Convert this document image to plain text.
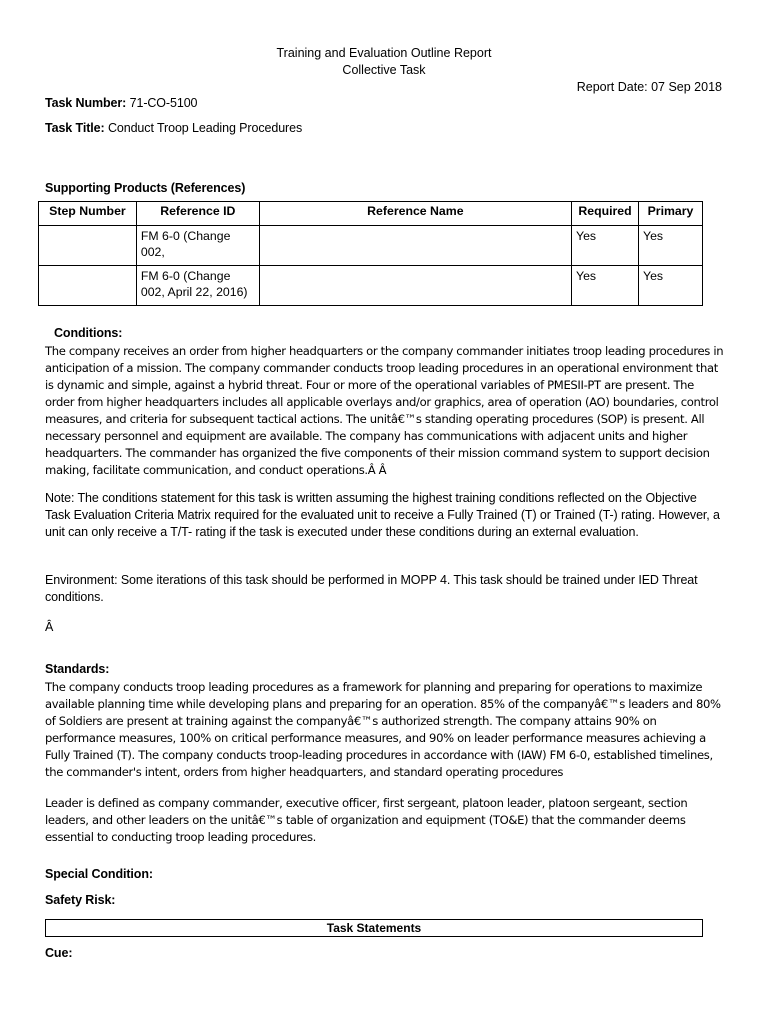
Training and Evaluation Outline Report
Collective Task
Report Date: 07 Sep 2018
Task Number: 71-CO-5100
Task Title: Conduct Troop Leading Procedures
Supporting Products (References)
Step Number	Reference ID	Reference Name	Required	Primary
	FM 6-0 (Change 002,		Yes	Yes
	FM 6-0 (Change 002, April 22, 2016)		Yes	Yes
Conditions:
The company receives an order from higher headquarters or the company commander initiates troop leading procedures in anticipation of a mission. The company commander conducts troop leading procedures in an operational environment that is dynamic and simple, against a hybrid threat. Four or more of the operational variables of PMESII-PT are present. The order from higher headquarters includes all applicable overlays and/or graphics, area of operation (AO) boundaries, control measures, and criteria for subsequent tactical actions. The unitâ€™s standing operating procedures (SOP) is present. All necessary personnel and equipment are available. The company has communications with adjacent units and higher headquarters. The commander has organized the five components of their mission command system to support decision making, facilitate communication, and conduct operations.Â Â
Note: The conditions statement for this task is written assuming the highest training conditions reflected on the Objective Task Evaluation Criteria Matrix required for the evaluated unit to receive a Fully Trained (T) or Trained (T-) rating. However, a unit can only receive a T/T- rating if the task is executed under these conditions during an external evaluation.
Environment: Some iterations of this task should be performed in MOPP 4. This task should be trained under IED Threat conditions.
Â
Standards:
The company conducts troop leading procedures as a framework for planning and preparing for operations to maximize available planning time while developing plans and preparing for an operation. 85% of the companyâ€™s leaders and 80% of Soldiers are present at training against the companyâ€™s authorized strength. The company attains 90% on performance measures, 100% on critical performance measures, and 90% on leader performance measures achieving a Fully Trained (T). The company conducts troop-leading procedures in accordance with (IAW) FM 6-0, established timelines, the commander's intent, orders from higher headquarters, and standard operating procedures
Leader is defined as company commander, executive officer, first sergeant, platoon leader, platoon sergeant, section leaders, and other leaders on the unitâ€™s table of organization and equipment (TO&E) that the commander deems essential to conducting troop leading procedures.
Special Condition:
Safety Risk:
Task Statements
Cue:
